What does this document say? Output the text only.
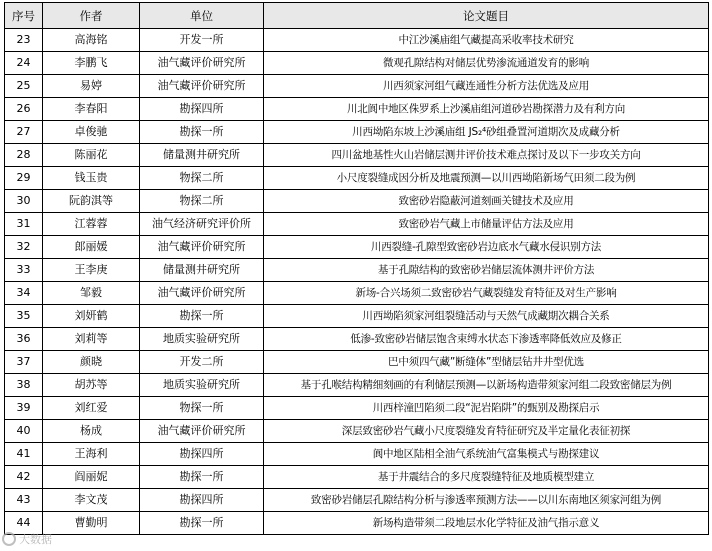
序号	作者	单位	论文题目
23	高海铭	开发一所	中江沙溪庙组气藏提高采收率技术研究
24	李鹏飞	油气藏评价研究所	微观孔隙结构对储层优势渗流通道发育的影响
25	易婷	油气藏评价研究所	川西须家河组气藏连通性分析方法优选及应用
26	李春阳	勘探四所	川北阆中地区侏罗系上沙溪庙组河道砂岩勘探潜力及有利方向
27	卓俊驰	勘探一所	川西坳陷东坡上沙溪庙组 JS₂⁴砂组叠置河道期次及成藏分析
28	陈丽花	储量测井研究所	四川盆地基性火山岩储层测井评价技术难点探讨及以下一步攻关方向
29	钱玉贵	物探二所	小尺度裂缝成因分析及地震预测—以川西坳陷新场气田须二段为例
30	阮韵淇等	物探二所	致密砂岩隐蔽河道刻画关键技术及应用
31	江蓉蓉	油气经济研究评价所	致密砂岩气藏上市储量评估方法及应用
32	郎丽媛	油气藏评价研究所	川西裂缝-孔隙型致密砂岩边底水气藏水侵识别方法
33	王李庚	储量测井研究所	基于孔隙结构的致密砂岩储层流体测井评价方法
34	邹毅	油气藏评价研究所	新场-合兴场须二致密砂岩气藏裂缝发育特征及对生产影响
35	刘妍鹤	勘探一所	川西坳陷须家河组裂缝活动与天然气成藏期次耦合关系
36	刘莉等	地质实验研究所	低渗-致密砂岩储层饱含束缚水状态下渗透率降低效应及修正
37	颜晓	开发二所	巴中须四气藏”断缝体”型储层钻井井型优选
38	胡苏等	地质实验研究所	基于孔喉结构精细刻画的有利储层预测—以新场构造带须家河组二段致密储层为例
39	刘红爱	物探一所	川西梓潼凹陷须二段“泥岩陷阱”的甄别及勘探启示
40	杨成	油气藏评价研究所	深层致密砂岩气藏小尺度裂缝发育特征研究及半定量化表征初探
41	王海利	勘探四所	阆中地区陆相全油气系统油气富集模式与勘探建议
42	阎丽妮	勘探一所	基于井震结合的多尺度裂缝特征及地质模型建立
43	李文茂	勘探四所	致密砂岩储层孔隙结构分析与渗透率预测方法——以川东南地区须家河组为例
44	曹勤明	勘探一所	新场构造带须二段地层水化学特征及油气指示意义
大数据
